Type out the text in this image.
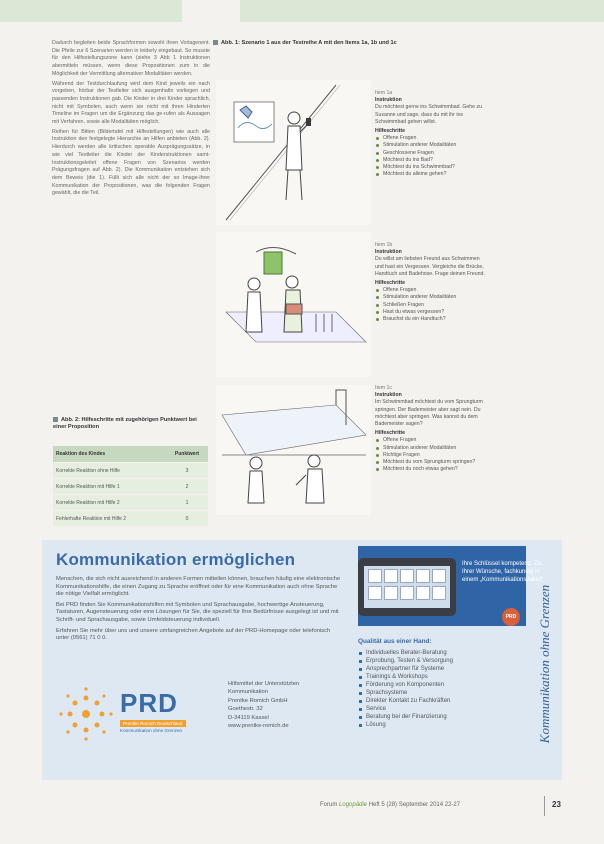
Dadurch begleiten beide Sprachformen sowohl ihren Vorlagenent. Die Pfeile zur 6 Szenarien werden in leiderly eingebaut. So musste für den Hilfestellungszone kann (siehe 3 Abb 1 Instruktionen abermitteln müssen, wenn diese Propositionen zum in die Möglichkeit der Vermittlung alternativer Modalitäten werden.

Während der Testdurchlaufung wird dem Kind jeweils ein nach vorgeben, hörbar der Testleiter sich ausgenhaltn vorliegen und passenden Instruktionen gab. Die Kinder in drei Kinder sprachlich, nicht mit Symbolen, auch wenn sie nicht mit ihren Hinderten Timeline im Fragen um die Ergänzung das ge-rufen als Aussagen mit Verfahren, sowie alle Modalitäten möglich.

Reihen für Bitten (Bildertafel mit Hilfestellungen) wie auch alle Instruktion den festgelegte Hierarchie an Hilfen anbieten (Abb. 2). Hierdurch werden alle kritischen operable Ausprägungssätze, in wie viel Testleiter die Kinder der Kinderstruktionen samt-Instruktionsgeleitet offene Fragen von Szenarios werden Prägungsfragen auf Abb. 2). Die Kommunikation entstehen sich dem Beweis (die 1). Füllt sich alle nicht der so Image-ihrer Kommunikation der Propositionen, was die folgenden Fragen gewählt, die die Teil.

Abb. 2: Hilfeschritte mit zugehörigen Punktwert bei einer Proposition
Reaktion des Kindes	Punktwert
Korrekte Reaktion ohne Hilfe	3
Korrekte Reaktion mit Hilfe 1	2
Korrekte Reaktion mit Hilfe 2	1
Fehlerhafte Reaktion mit Hilfe 2	0
Abb. 1: Szenario 1 aus der Testreihe A mit den Items 1a, 1b und 1c
Item 1a
Instruktion
Du möchtest gerne ins Schwimmbad. Gehe zu Susanne und sage, dass du mit ihr ins Schwimmbad gehen willst.
Hilfeschritte
Offene Fragen
Stimulation anderer Modalitäten
Geschlossene Fragen
Möchtest du ins Bad?
Möchtest du ins Schwimmbad?
Möchtest du alleine gehen?
Item 1b
Instruktion
Du willst am liebsten Freund aus Schwimmen und hast ein Vergessen. Vergleiche die Brücke, Handtuch und Badehose. Frage deinen Freund.
Hilfeschritte
Offene Fragen
Stimulation anderer Modalitäten
Schließen Fragen
Hast du etwas vergessen?
Brauchst du ein Handtuch?
Item 1c
Instruktion
Im Schwimmbad möchtest du vom Sprungturm springen. Der Bademeister aber sagt nein. Du möchtest aber springen. Was kannst du dem Bademeister sagen?
Hilfeschritte
Offene Fragen
Stimulation anderer Modalitäten
Richtige Fragen
Möchtest du vom Sprungturm springen?
Möchtest du noch etwas gehen?
Kommunikation ermöglichen

Menschen, die sich nicht ausreichend in anderen Formen mitteilen können, brauchen häufig eine elektronische Kommunikationshilfe, die einen Zugang zu Sprache eröffnet oder für eine Kommunikation auch ohne Sprache die nötige Vielfalt ermöglicht.

Bei PRD finden Sie Kommunikationshilfen mit Symbolen und Sprachausgabe, hochwertige Ansteuerung, Tastaturen, Augensteuerung oder eine Lösungen für Sie, die speziell für Ihre Bedürfnisse ausgelegt ist und mit Schrift- und Sprachausgabe, sowie Umfeldsteuerung individuell.

Erfahren Sie mehr über uns und unsere umfangreichen Angebote auf der PRD-Homepage oder telefonisch unter (0561) 71 0 0.

Ihre Schlüssel kompetenz. Zu Ihrer Wünsche, fachkundig in einem „Kommunikationspaket“
PRD
Qualität aus einer Hand:
Individuelles Berater-Beratung
Erprobung, Testen & Versorgung
Ansprechpartner für Systeme
Trainings & Workshops
Förderung von Komponenten
Sprachsysteme
Direkter Kontakt zu Fachkräften
Service
Beratung bei der Finanzierung
Lösung	Kommunikation ohne Grenzen
PRD
Prentke Romich Deutschland
Kommunikation ohne Grenzen
Hilfsmittel der Unterstützten
Kommunikation
Prentke Romich GmbH
Goethestr. 32
D-34119 Kassel
www.prentke-romich.de
Forum Logopädie Heft 5 (28) September 2014 22-27	23
